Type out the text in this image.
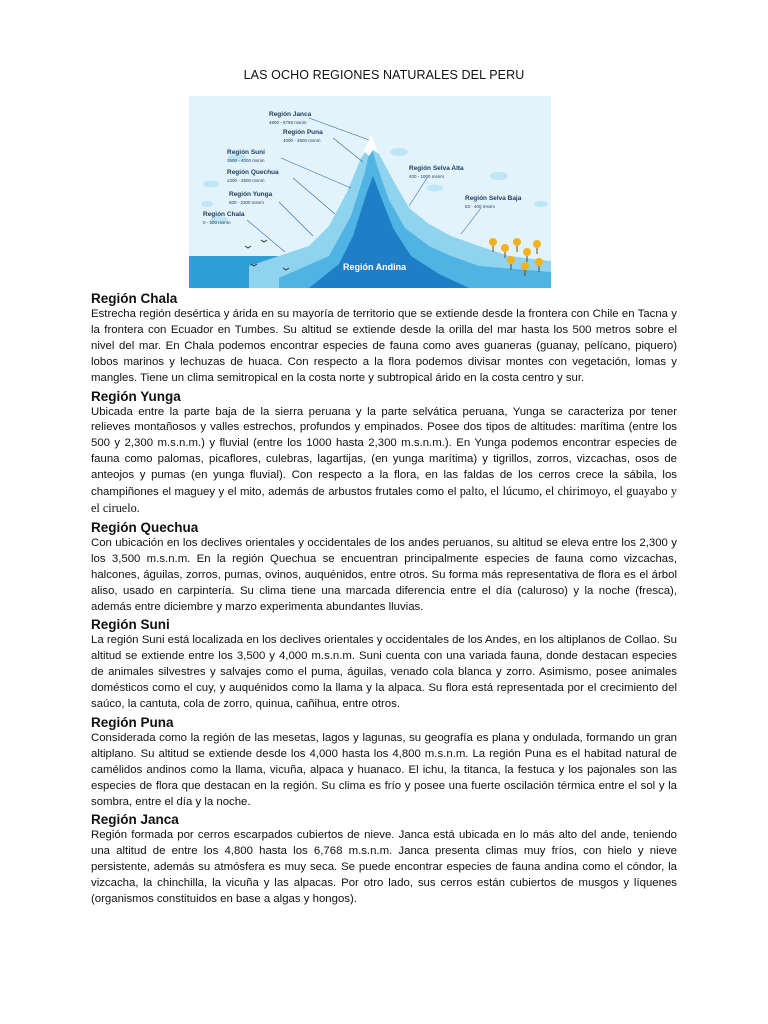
LAS OCHO REGIONES NATURALES DEL PERU
Región Janca
4800 - 6768 msnm
Región Puna
4000 - 4800 msnm
Región Suni
3500 - 4000 msnm
Región Quechua
2300 - 3500 msnm
Región Yunga
500 - 2300 msnm
Región Chala
0 - 500 msnm
Región Selva Alta
400 - 1000 msnm
Región Selva Baja
83 - 400 msnm
Región Andina
Región Chala

Estrecha región desértica y árida en su mayoría de territorio que se extiende desde la frontera con Chile en Tacna y la frontera con Ecuador en Tumbes. Su altitud se extiende desde la orilla del mar hasta los 500 metros sobre el nivel del mar. En Chala podemos encontrar especies de fauna como aves guaneras (guanay, pelícano, piquero) lobos marinos y lechuzas de huaca. Con respecto a la flora podemos divisar montes con vegetación, lomas y mangles. Tiene un clima semitropical en la costa norte y subtropical árido en la costa centro y sur.

Región Yunga

Ubicada entre la parte baja de la sierra peruana y la parte selvática peruana, Yunga se caracteriza por tener relieves montañosos y valles estrechos, profundos y empinados. Posee dos tipos de altitudes: marítima (entre los 500 y 2,300 m.s.n.m.) y fluvial (entre los 1000 hasta 2,300 m.s.n.m.). En Yunga podemos encontrar especies de fauna como palomas, picaflores, culebras, lagartijas, (en yunga marítima) y tigrillos, zorros, vizcachas, osos de anteojos y pumas (en yunga fluvial). Con respecto a la flora, en las faldas de los cerros crece la sábila, los champiñones el maguey y el mito, además de arbustos frutales como el palto, el lúcumo, el chirimoyo, el guayabo y el ciruelo.

Región Quechua

Con ubicación en los declives orientales y occidentales de los andes peruanos, su altitud se eleva entre los 2,300 y los 3,500 m.s.n.m. En la región Quechua se encuentran principalmente especies de fauna como vizcachas, halcones, águilas, zorros, pumas, ovinos, auquénidos, entre otros. Su forma más representativa de flora es el árbol aliso, usado en carpintería. Su clima tiene una marcada diferencia entre el día (caluroso) y la noche (fresca), además entre diciembre y marzo experimenta abundantes lluvias.

Región Suni

La región Suni está localizada en los declives orientales y occidentales de los Andes, en los altiplanos de Collao. Su altitud se extiende entre los 3,500 y 4,000 m.s.n.m. Suni cuenta con una variada fauna, donde destacan especies de animales silvestres y salvajes como el puma, águilas, venado cola blanca y zorro. Asimismo, posee animales domésticos como el cuy, y auquénidos como la llama y la alpaca. Su flora está representada por el crecimiento del saúco, la cantuta, cola de zorro, quinua, cañihua, entre otros.

Región Puna

Considerada como la región de las mesetas, lagos y lagunas, su geografía es plana y ondulada, formando un gran altiplano. Su altitud se extiende desde los 4,000 hasta los 4,800 m.s.n.m. La región Puna es el habitad natural de camélidos andinos como la llama, vicuña, alpaca y huanaco. El ichu, la titanca, la festuca y los pajonales son las especies de flora que destacan en la región. Su clima es frío y posee una fuerte oscilación térmica entre el sol y la sombra, entre el día y la noche.

Región Janca

Región formada por cerros escarpados cubiertos de nieve. Janca está ubicada en lo más alto del ande, teniendo una altitud de entre los 4,800 hasta los 6,768 m.s.n.m. Janca presenta climas muy fríos, con hielo y nieve persistente, además su atmósfera es muy seca. Se puede encontrar especies de fauna andina como el cóndor, la vizcacha, la chinchilla, la vicuña y las alpacas. Por otro lado, sus cerros están cubiertos de musgos y líquenes (organismos constituidos en base a algas y hongos).
